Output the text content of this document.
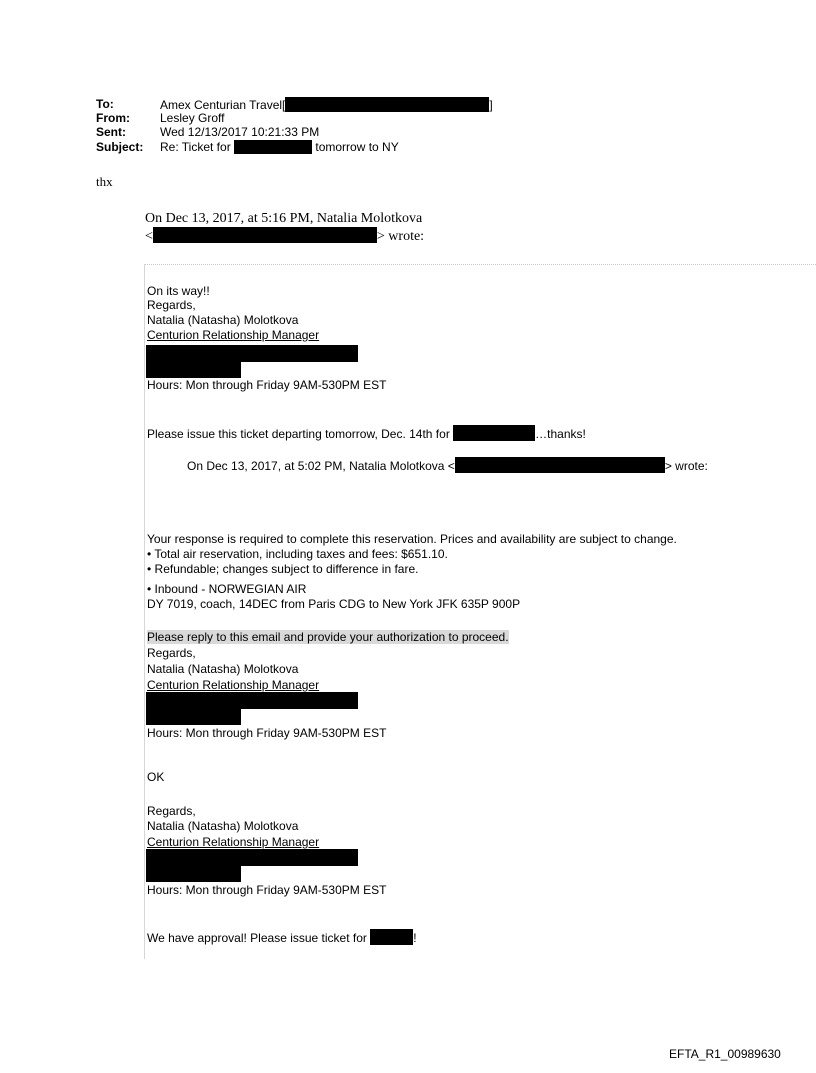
To:	Amex Centurian Travel[	]
From:	Lesley Groff
Sent:	Wed 12/13/2017 10:21:33 PM
Subject: Re: Ticket for	tomorrow to NY
thx
On Dec 13, 2017, at 5:16 PM, Natalia Molotkova
<	> wrote:
On its way!!
Regards,
Natalia (Natasha) Molotkova
Centurion Relationship Manager
Hours: Mon through Friday 9AM-530PM EST
Please issue this ticket departing tomorrow, Dec. 14th for	…thanks!
On Dec 13, 2017, at 5:02 PM, Natalia Molotkova <	> wrote:
Your response is required to complete this reservation. Prices and availability are subject to change.
• Total air reservation, including taxes and fees: $651.10.
• Refundable; changes subject to difference in fare.
• Inbound - NORWEGIAN AIR
DY 7019, coach, 14DEC from Paris CDG to New York JFK 635P 900P
Please reply to this email and provide your authorization to proceed.
Regards,
Natalia (Natasha) Molotkova
Centurion Relationship Manager
Hours: Mon through Friday 9AM-530PM EST
OK
Regards,
Natalia (Natasha) Molotkova
Centurion Relationship Manager
Hours: Mon through Friday 9AM-530PM EST
We have approval! Please issue ticket for	!
EFTA_R1_00989630
